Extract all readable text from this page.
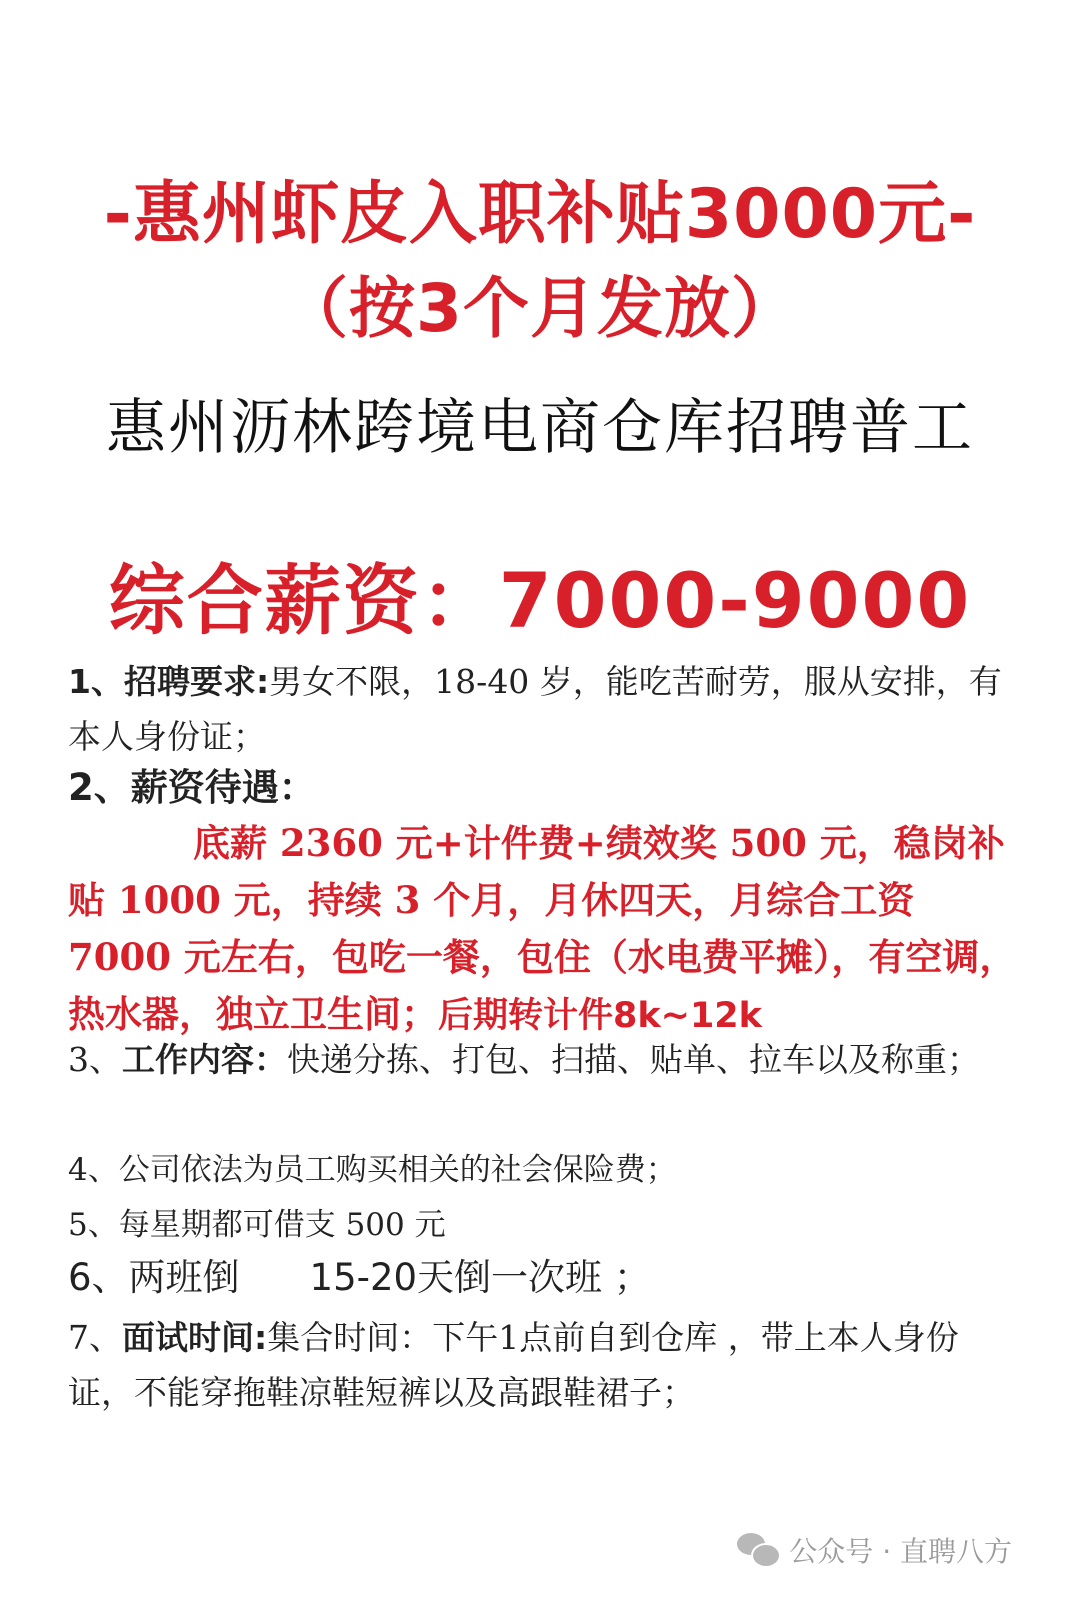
-惠州虾皮入职补贴3000元-
（按3个月发放）
惠州沥林跨境电商仓库招聘普工
综合薪资：7000-9000
1、招聘要求:男女不限，18-40 岁，能吃苦耐劳，服从安排，有本人身份证；
2、薪资待遇：
底薪 2360 元+计件费+绩效奖 500 元，稳岗补贴 1000 元，持续 3 个月，月休四天，月综合工资 7000 元左右，包吃一餐，包住（水电费平摊），有空调，热水器，独立卫生间；后期转计件8k~12k
3、工作内容：快递分拣、打包、扫描、贴单、拉车以及称重；
4、公司依法为员工购买相关的社会保险费；
5、每星期都可借支 500 元
6、两班倒 15-20天倒一次班 ；
7、面试时间:集合时间：下午1点前自到仓库 ，带上本人身份证，不能穿拖鞋凉鞋短裤以及高跟鞋裙子；
公众号 · 直聘八方
